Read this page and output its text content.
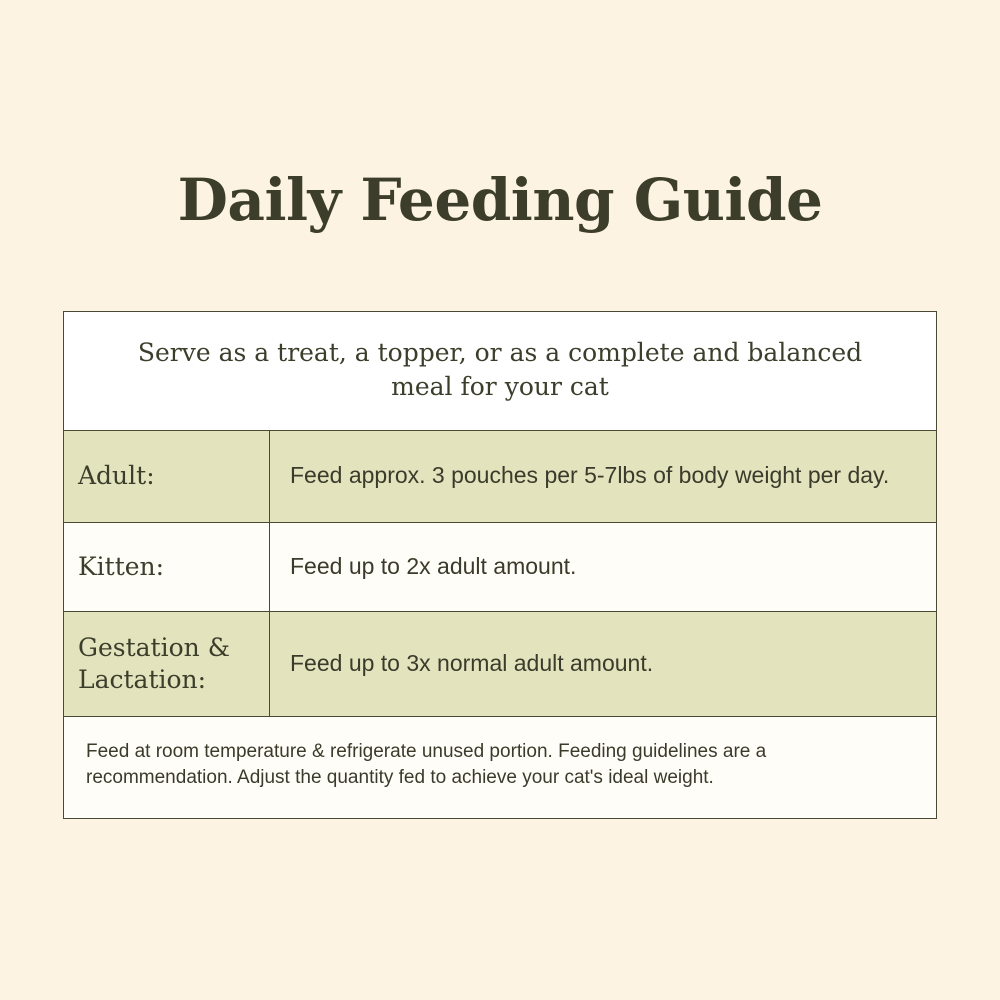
Daily Feeding Guide
Serve as a treat, a topper, or as a complete and balanced meal for your cat
Adult:	Feed approx. 3 pouches per 5-7lbs of body weight per day.
Kitten:	Feed up to 2x adult amount.
Gestation & Lactation:
Feed up to 3x normal adult amount.
Feed at room temperature & refrigerate unused portion. Feeding guidelines are a recommendation. Adjust the quantity fed to achieve your cat's ideal weight.
